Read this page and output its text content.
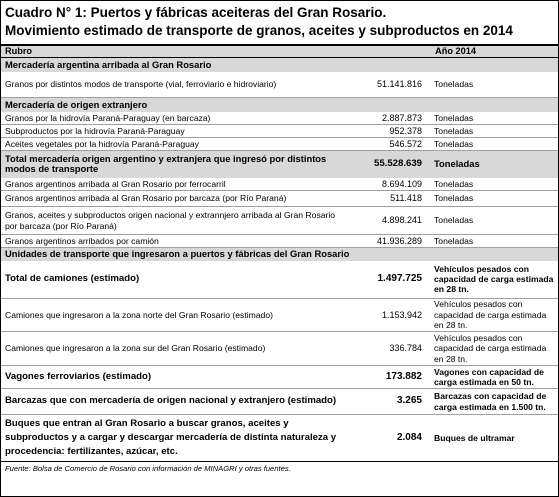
Cuadro N° 1: Puertos y fábricas aceiteras del Gran Rosario.
Movimiento estimado de transporte de granos, aceites y subproductos en 2014
Rubro	Año 2014	
Mercadería argentina arribada al Gran Rosario		
Granos por distintos modos de transporte (vial, ferroviario e hidroviario)	51.141.816	Toneladas
Mercadería de origen extranjero		
Granos por la hidrovía Paraná-Paraguay (en barcaza)	2.887.873	Toneladas
Subproductos por la hidrovía Paraná-Paraguay	952.378	Toneladas
Aceites vegetales por la hidrovía Paraná-Paraguay	546.572	Toneladas
Total mercadería origen argentino y extranjera que ingresó por distintos modos de transporte	55.528.639	Toneladas
Granos argentinos arribada al Gran Rosario por ferrocarril	8.694.109	Toneladas
Granos argentinos arribada al Gran Rosario por barcaza (por Río Paraná)	511.418	Toneladas
Granos, aceites y subproductos origen nacional y extrannjero arribada al Gran Rosario por barcaza (por Río Paraná)	4.898.241	Toneladas
Granos argentinos arribados por camión	41.936.289	Toneladas
Unidades de transporte que ingresaron a puertos y fábricas del Gran Rosario		
Total de camiones (estimado)	1.497.725	Vehículos pesados con capacidad de carga estimada en 28 tn.
Camiones que ingresaron a la zona norte del Gran Rosario (estimado)	1.153.942	Vehículos pesados con capacidad de carga estimada en 28 tn.
Camiones que ingresaron a la zona sur del Gran Rosario (estimado)	336.784	Vehículos pesados con capacidad de carga estimada en 28 tn.
Vagones ferroviarios (estimado)	173.882	Vagones con capacidad de carga estimada en 50 tn.
Barcazas que con mercadería de origen nacional y extranjero (estimado)	3.265	Barcazas con capacidad de carga estimada en 1.500 tn.
Buques que entran al Gran Rosario a buscar granos, aceites y subproductos y a cargar y descargar mercadería de distinta naturaleza y procedencia: fertilizantes, azúcar, etc.	2.084	Buques de ultramar
Fuente: Bolsa de Comercio de Rosario con información de MINAGRI y otras fuentes.
